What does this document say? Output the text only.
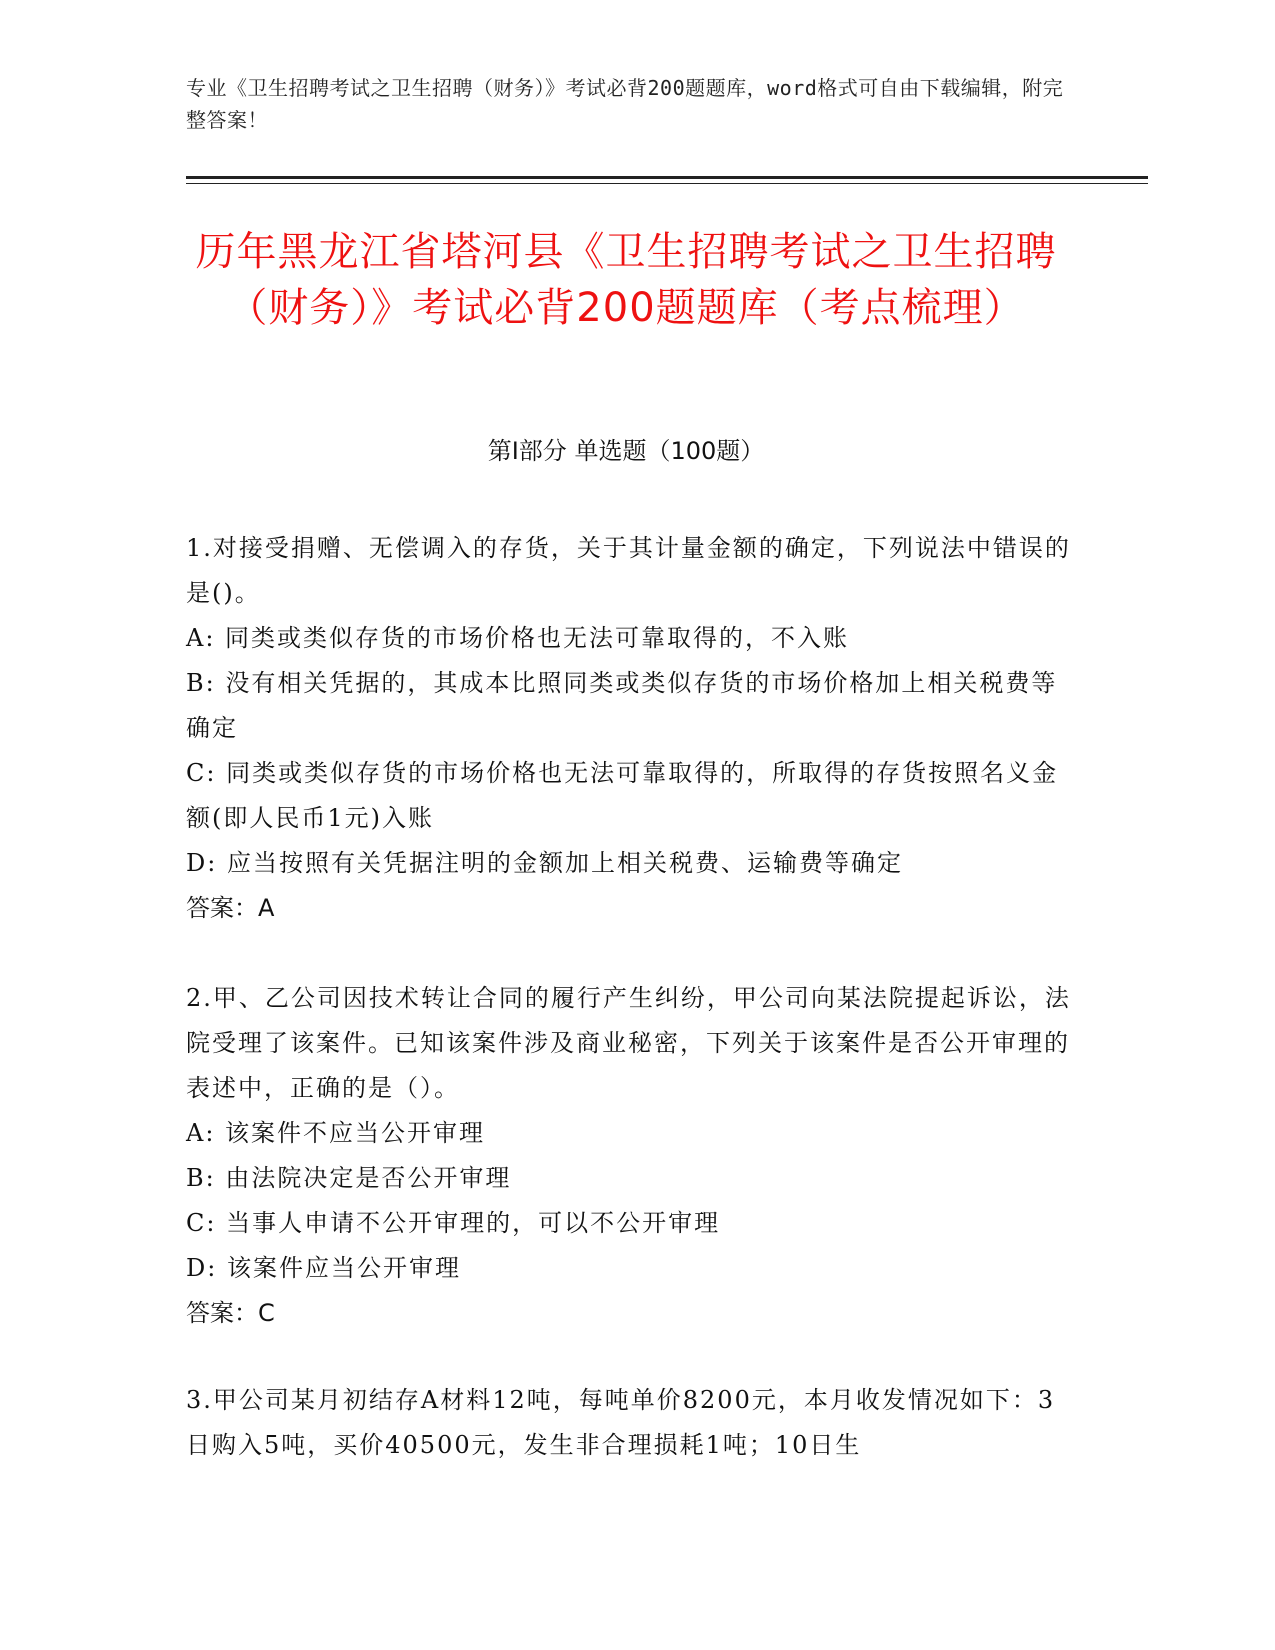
专业《卫生招聘考试之卫生招聘（财务）》考试必背200题题库，word格式可自由下载编辑，附完整答案！
历年黑龙江省塔河县《卫生招聘考试之卫生招聘（财务）》考试必背200题题库（考点梳理）
第Ⅰ部分 单选题（100题）
1.对接受捐赠、无偿调入的存货，关于其计量金额的确定，下列说法中错误的是()。
A: 同类或类似存货的市场价格也无法可靠取得的，不入账
B: 没有相关凭据的，其成本比照同类或类似存货的市场价格加上相关税费等确定
C: 同类或类似存货的市场价格也无法可靠取得的，所取得的存货按照名义金额(即人民币1元)入账
D: 应当按照有关凭据注明的金额加上相关税费、运输费等确定
答案：A
2.甲、乙公司因技术转让合同的履行产生纠纷，甲公司向某法院提起诉讼，法院受理了该案件。已知该案件涉及商业秘密，下列关于该案件是否公开审理的表述中，正确的是（）。
A: 该案件不应当公开审理
B: 由法院决定是否公开审理
C: 当事人申请不公开审理的，可以不公开审理
D: 该案件应当公开审理
答案：C
3.甲公司某月初结存A材料12吨，每吨单价8200元，本月收发情况如下：3日购入5吨，买价40500元，发生非合理损耗1吨；10日生
